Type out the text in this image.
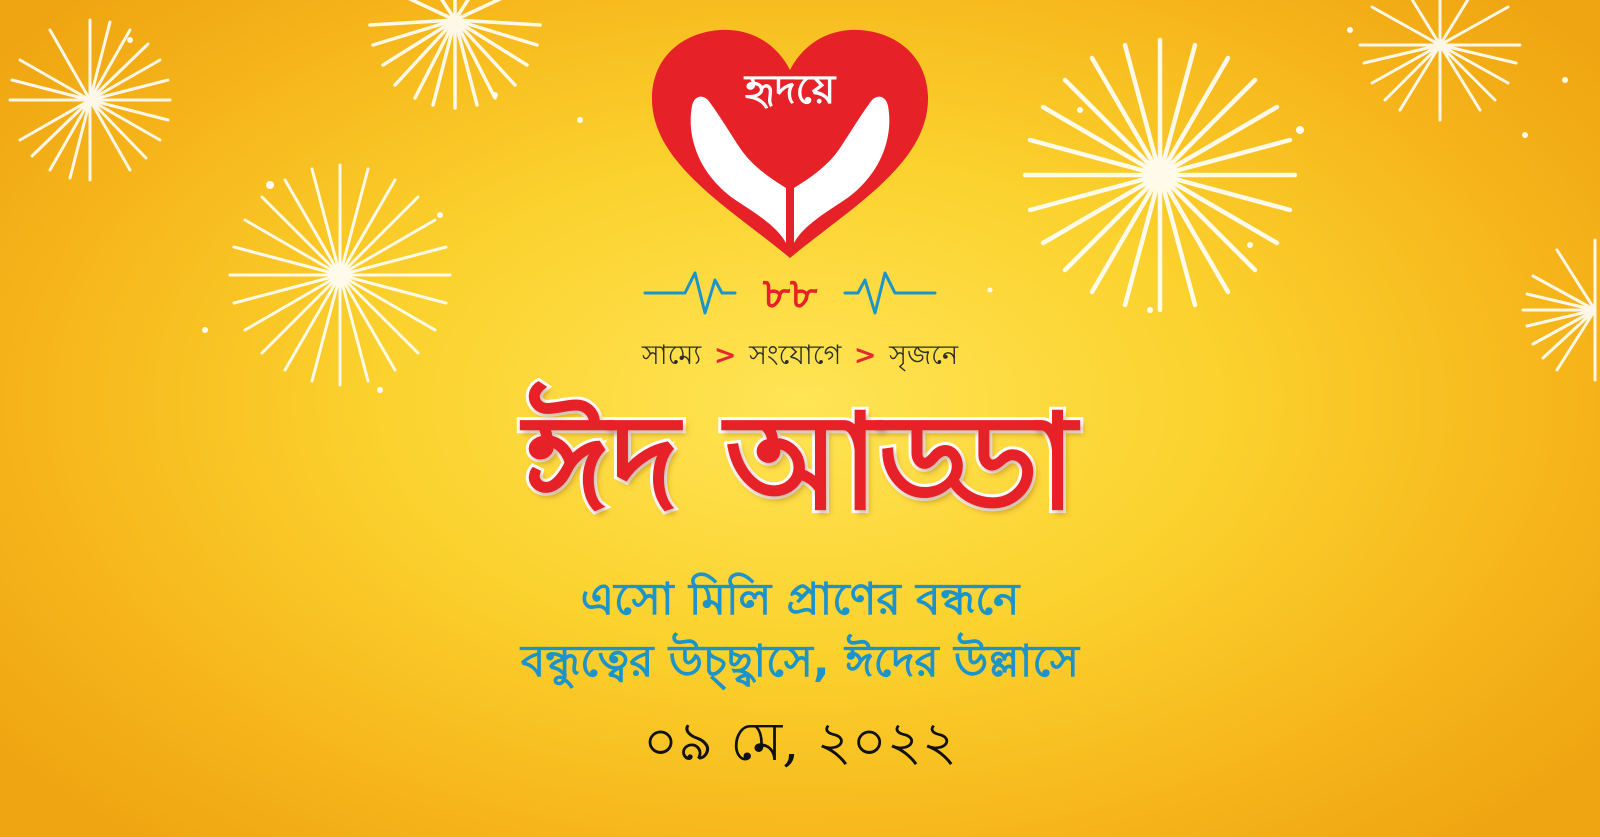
হৃদয়ে
৮৮
সাম্যে > সংযোগে > সৃজনে
ঈদ আড্ডা
এসো মিলি প্রাণের বন্ধনে
বন্ধুত্বের উচ্ছ্বাসে, ঈদের উল্লাসে
০৯ মে, ২০২২
